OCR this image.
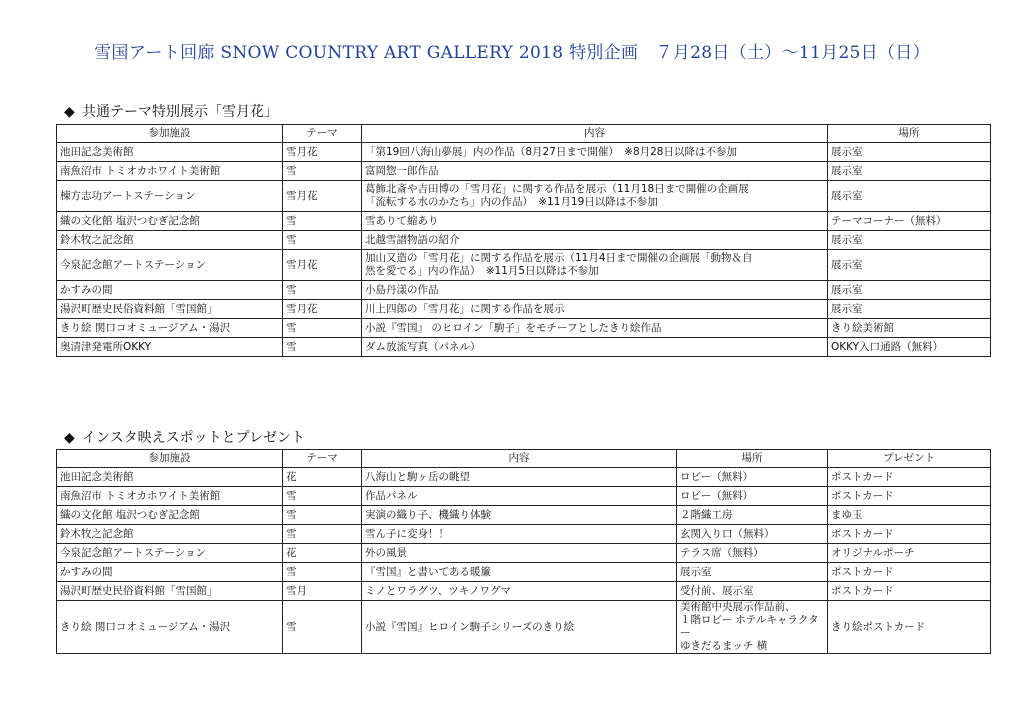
雪国アート回廊 SNOW COUNTRY ART GALLERY 2018 特別企画　７月28日（土）～11月25日（日）
◆ 共通テーマ特別展示「雪月花」
参加施設	テーマ	内容	場所
池田記念美術館	雪月花	「第19回八海山夢展」内の作品（8月27日まで開催）　※8月28日以降は不参加	展示室
南魚沼市 トミオカホワイト美術館	雪	富岡惣一郎作品	展示室
棟方志功アートステーション	雪月花	葛飾北斎や吉田博の「雪月花」に関する作品を展示（11月18日まで開催の企画展
「流転する水のかたち」内の作品）　※11月19日以降は不参加	展示室
織の文化館 塩沢つむぎ記念館	雪	雪ありて縮あり	テーマコーナー（無料）
鈴木牧之記念館	雪	北越雪譜物語の紹介	展示室
今泉記念館アートステーション	雪月花	加山又造の「雪月花」に関する作品を展示（11月4日まで開催の企画展「動物＆自
然を愛でる」内の作品）　※11月5日以降は不参加	展示室
かすみの間	雪	小島丹漾の作品	展示室
湯沢町歴史民俗資料館「雪国館」	雪月花	川上四郎の「雪月花」に関する作品を展示	展示室
きり絵 関口コオミュージアム・湯沢	雪	小説『雪国』 のヒロイン「駒子」をモチーフとしたきり絵作品	きり絵美術館
奥清津発電所OKKY	雪	ダム放流写真（パネル）	OKKY入口通路（無料）
◆ インスタ映えスポットとプレゼント
参加施設	テーマ	内容	場所	プレゼント
池田記念美術館	花	八海山と駒ヶ岳の眺望	ロビー（無料）	ポストカード
南魚沼市 トミオカホワイト美術館	雪	作品パネル	ロビー（無料）	ポストカード
織の文化館 塩沢つむぎ記念館	雪	実演の織り子、機織り体験	２階織工房	まゆ玉
鈴木牧之記念館	雪	雪ん子に変身！！	玄関入り口（無料）	ポストカード
今泉記念館アートステーション	花	外の風景	テラス席（無料）	オリジナルポーチ
かすみの間	雪	『雪国』と書いてある暖簾	展示室	ポストカード
湯沢町歴史民俗資料館「雪国館」	雪月	ミノとワラグツ、ツキノワグマ	受付前、展示室	ポストカード
きり絵 関口コオミュージアム・湯沢	雪	小説『雪国』ヒロイン駒子シリーズのきり絵	美術館中央展示作品前、
１階ロビー ホテルキャラクター
ゆきだるまッチ 横	きり絵ポストカード
